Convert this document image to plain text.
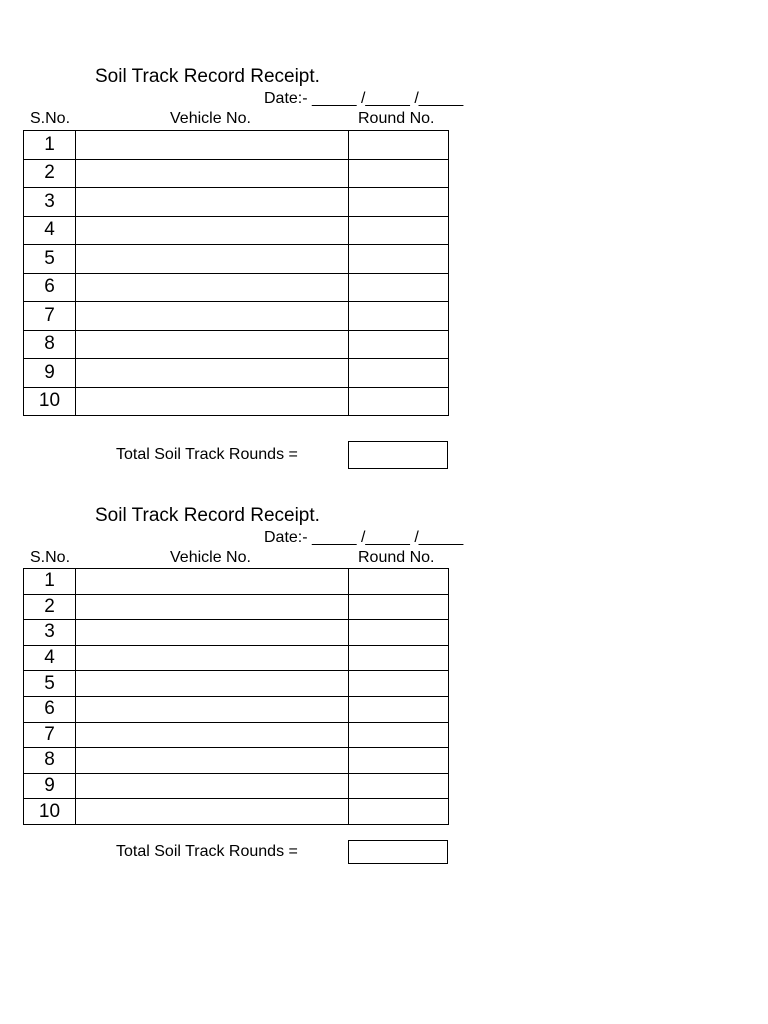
Soil Track Record Receipt.
Date:- _____ /_____ /_____
S.No.	Vehicle No.	Round No.
1		
2		
3		
4		
5		
6		
7		
8		
9		
10		
Total Soil Track Rounds =
Soil Track Record Receipt.
Date:- _____ /_____ /_____
S.No.	Vehicle No.	Round No.
1		
2		
3		
4		
5		
6		
7		
8		
9		
10		
Total Soil Track Rounds =
